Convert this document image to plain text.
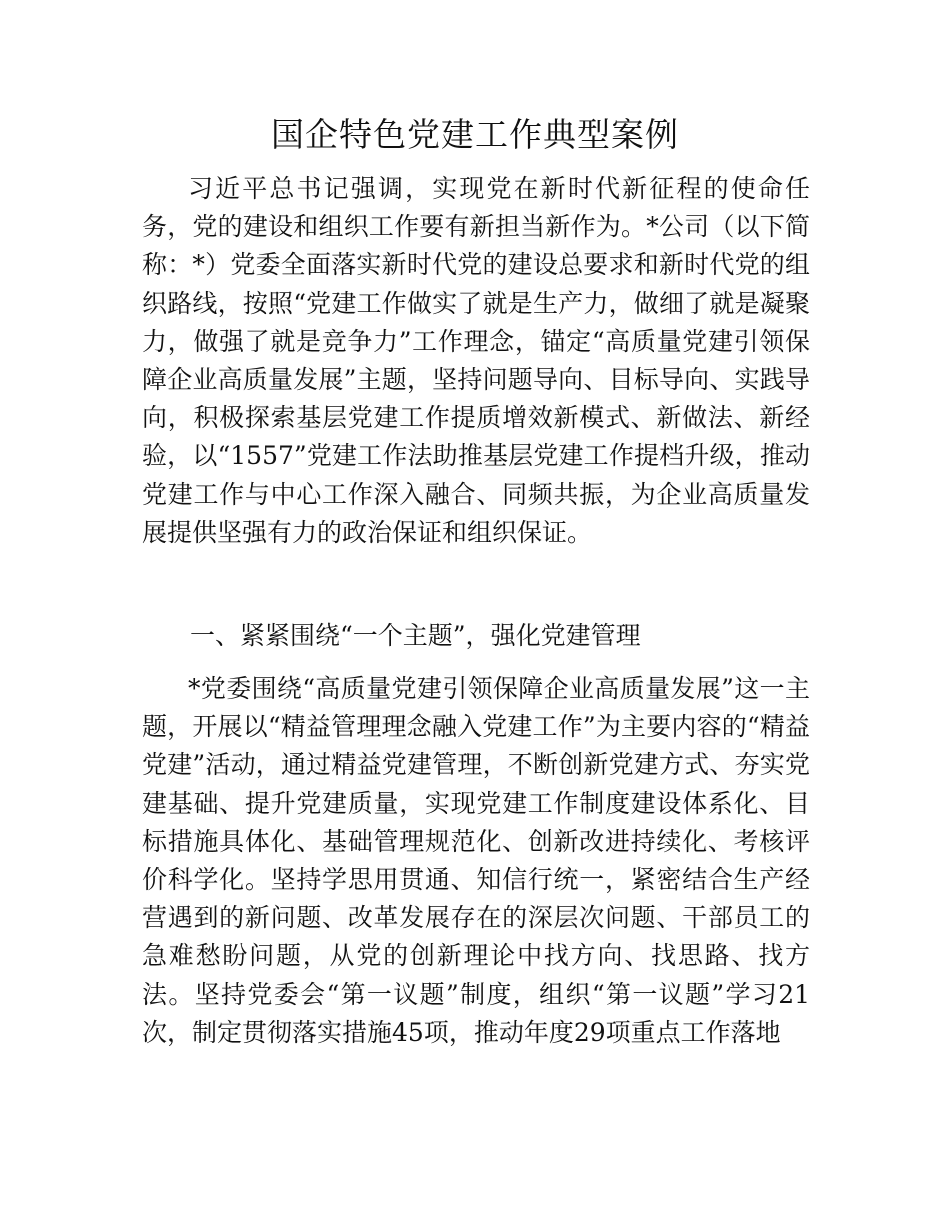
国企特色党建工作典型案例
习近平总书记强调，实现党在新时代新征程的使命任务，党的建设和组织工作要有新担当新作为。*公司（以下简称：*）党委全面落实新时代党的建设总要求和新时代党的组织路线，按照“党建工作做实了就是生产力，做细了就是凝聚力，做强了就是竞争力”工作理念，锚定“高质量党建引领保障企业高质量发展”主题，坚持问题导向、目标导向、实践导向，积极探索基层党建工作提质增效新模式、新做法、新经验，以“1557”党建工作法助推基层党建工作提档升级，推动党建工作与中心工作深入融合、同频共振，为企业高质量发展提供坚强有力的政治保证和组织保证。
一、紧紧围绕“一个主题”，强化党建管理
*党委围绕“高质量党建引领保障企业高质量发展”这一主题，开展以“精益管理理念融入党建工作”为主要内容的“精益党建”活动，通过精益党建管理，不断创新党建方式、夯实党建基础、提升党建质量，实现党建工作制度建设体系化、目标措施具体化、基础管理规范化、创新改进持续化、考核评价科学化。坚持学思用贯通、知信行统一，紧密结合生产经营遇到的新问题、改革发展存在的深层次问题、干部员工的急难愁盼问题，从党的创新理论中找方向、找思路、找方法。坚持党委会“第一议题”制度，组织“第一议题”学习21次，制定贯彻落实措施45项，推动年度29项重点工作落地
